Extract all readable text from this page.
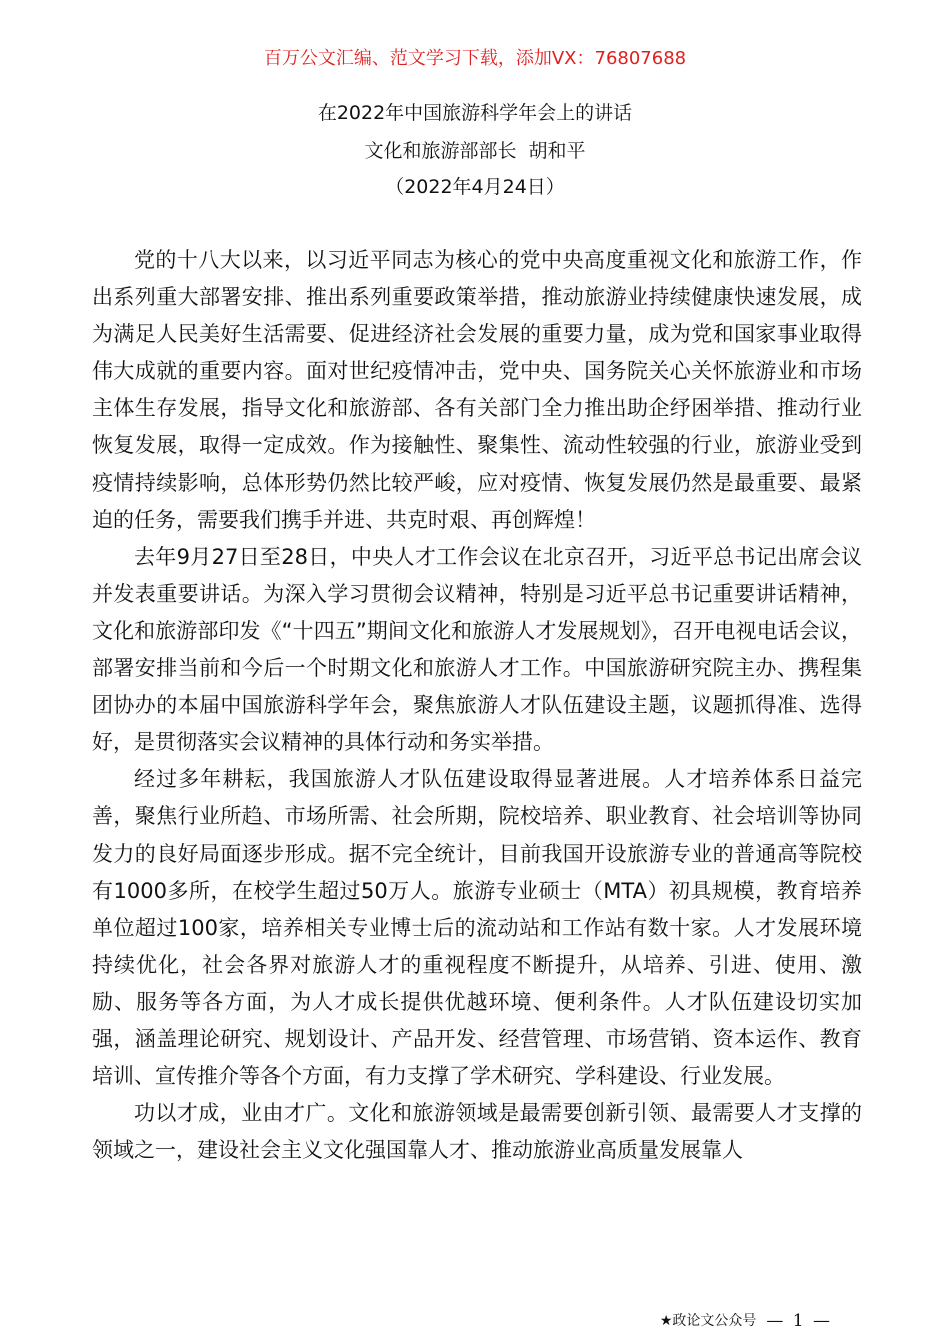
百万公文汇编、范文学习下载，添加VX：76807688
在2022年中国旅游科学年会上的讲话
文化和旅游部部长  胡和平
（2022年4月24日）

党的十八大以来，以习近平同志为核心的党中央高度重视文化和旅游工作，作出系列重大部署安排、推出系列重要政策举措，推动旅游业持续健康快速发展，成为满足人民美好生活需要、促进经济社会发展的重要力量，成为党和国家事业取得伟大成就的重要内容。面对世纪疫情冲击，党中央、国务院关心关怀旅游业和市场主体生存发展，指导文化和旅游部、各有关部门全力推出助企纾困举措、推动行业恢复发展，取得一定成效。作为接触性、聚集性、流动性较强的行业，旅游业受到疫情持续影响，总体形势仍然比较严峻，应对疫情、恢复发展仍然是最重要、最紧迫的任务，需要我们携手并进、共克时艰、再创辉煌！

去年9月27日至28日，中央人才工作会议在北京召开，习近平总书记出席会议并发表重要讲话。为深入学习贯彻会议精神，特别是习近平总书记重要讲话精神，文化和旅游部印发《“十四五”期间文化和旅游人才发展规划》，召开电视电话会议，部署安排当前和今后一个时期文化和旅游人才工作。中国旅游研究院主办、携程集团协办的本届中国旅游科学年会，聚焦旅游人才队伍建设主题，议题抓得准、选得好，是贯彻落实会议精神的具体行动和务实举措。

经过多年耕耘，我国旅游人才队伍建设取得显著进展。人才培养体系日益完善，聚焦行业所趋、市场所需、社会所期，院校培养、职业教育、社会培训等协同发力的良好局面逐步形成。据不完全统计，目前我国开设旅游专业的普通高等院校有1000多所，在校学生超过50万人。旅游专业硕士（MTA）初具规模，教育培养单位超过100家，培养相关专业博士后的流动站和工作站有数十家。人才发展环境持续优化，社会各界对旅游人才的重视程度不断提升，从培养、引进、使用、激励、服务等各方面，为人才成长提供优越环境、便利条件。人才队伍建设切实加强，涵盖理论研究、规划设计、产品开发、经营管理、市场营销、资本运作、教育培训、宣传推介等各个方面，有力支撑了学术研究、学科建设、行业发展。

功以才成，业由才广。文化和旅游领域是最需要创新引领、最需要人才支撑的领域之一，建设社会主义文化强国靠人才、推动旅游业高质量发展靠人

★政论文公众号 — 1 —
